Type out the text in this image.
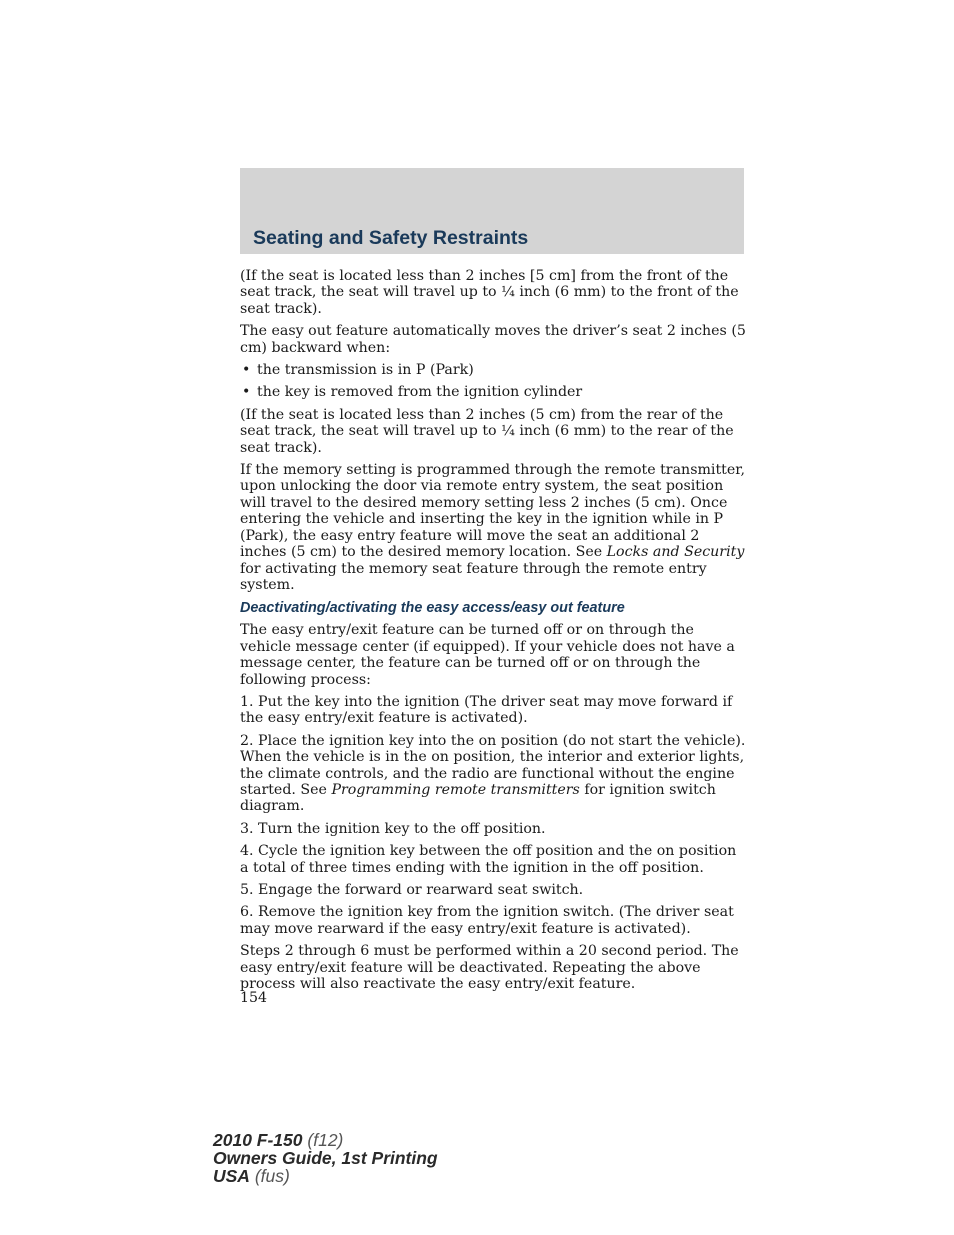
Seating and Safety Restraints

(If the seat is located less than 2 inches [5 cm] from the front of the seat track, the seat will travel up to ¼ inch (6 mm) to the front of the seat track).

The easy out feature automatically moves the driver’s seat 2 inches (5 cm) backward when:

• the transmission is in P (Park)
• the key is removed from the ignition cylinder

(If the seat is located less than 2 inches (5 cm) from the rear of the seat track, the seat will travel up to ¼ inch (6 mm) to the rear of the seat track).

If the memory setting is programmed through the remote transmitter, upon unlocking the door via remote entry system, the seat position will travel to the desired memory setting less 2 inches (5 cm). Once entering the vehicle and inserting the key in the ignition while in P (Park), the easy entry feature will move the seat an additional 2 inches (5 cm) to the desired memory location. See Locks and Security for activating the memory seat feature through the remote entry system.

Deactivating/activating the easy access/easy out feature

The easy entry/exit feature can be turned off or on through the vehicle message center (if equipped). If your vehicle does not have a message center, the feature can be turned off or on through the following process:

1. Put the key into the ignition (The driver seat may move forward if the easy entry/exit feature is activated).

2. Place the ignition key into the on position (do not start the vehicle). When the vehicle is in the on position, the interior and exterior lights, the climate controls, and the radio are functional without the engine started. See Programming remote transmitters for ignition switch diagram.

3. Turn the ignition key to the off position.

4. Cycle the ignition key between the off position and the on position a total of three times ending with the ignition in the off position.

5. Engage the forward or rearward seat switch.

6. Remove the ignition key from the ignition switch. (The driver seat may move rearward if the easy entry/exit feature is activated).

Steps 2 through 6 must be performed within a 20 second period. The easy entry/exit feature will be deactivated. Repeating the above process will also reactivate the easy entry/exit feature.

154
2010 F-150 (f12)
Owners Guide, 1st Printing
USA (fus)
